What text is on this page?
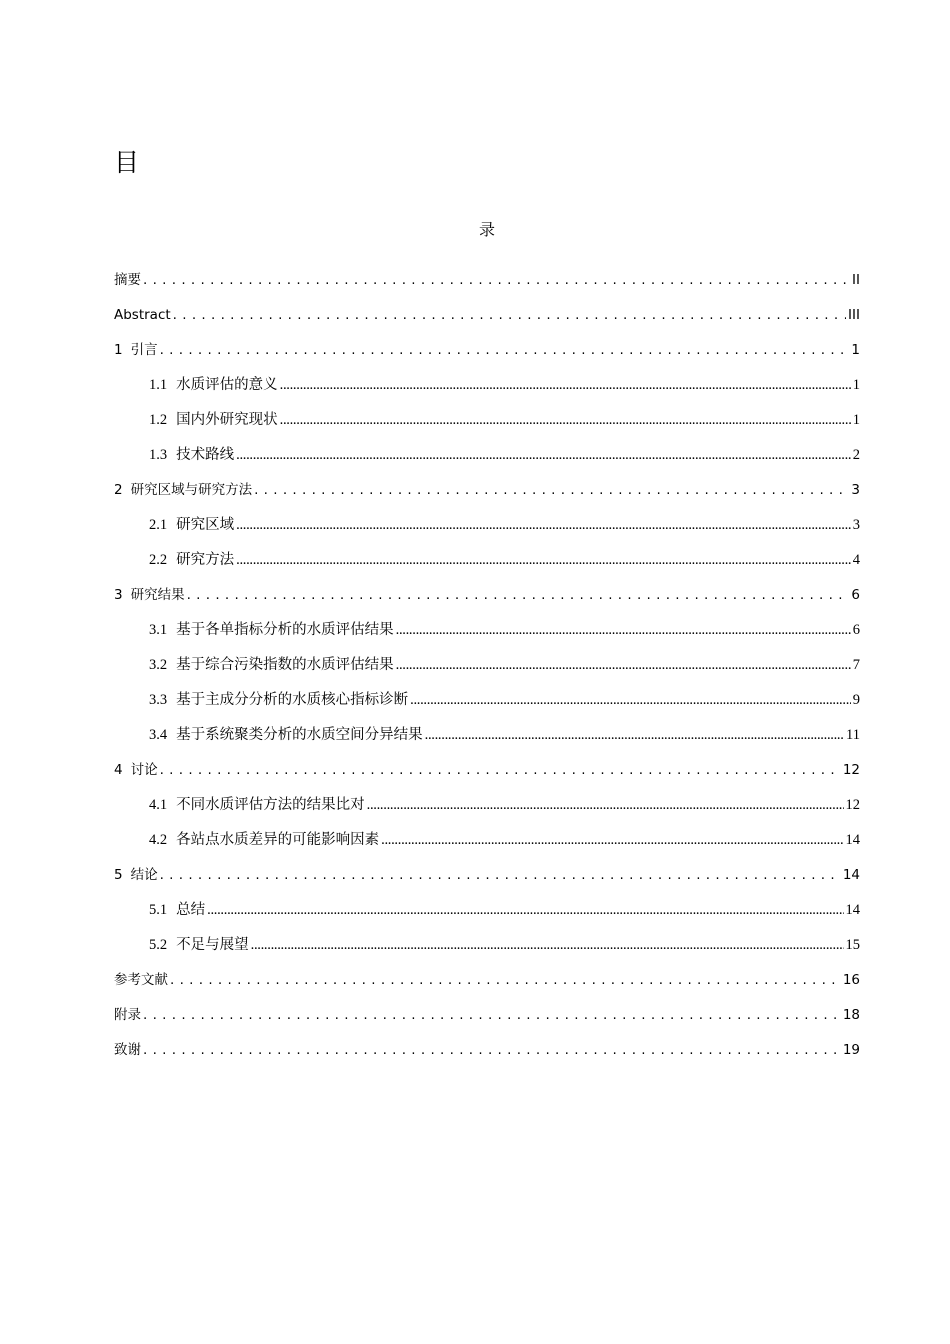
目
录
摘要 . . .	II
Abstract . . .	III
1 引言 . . .	1
1.1 水质评估的意义 .....	1
1.2 国内外研究现状 .....	1
1.3 技术路线 .....	2
2 研究区域与研究方法 . . .	3
2.1 研究区域 .....	3
2.2 研究方法 .....	4
3 研究结果 . . .	6
3.1 基于各单指标分析的水质评估结果 .....	6
3.2 基于综合污染指数的水质评估结果 .....	7
3.3 基于主成分分析的水质核心指标诊断 .....	9
3.4 基于系统聚类分析的水质空间分异结果 .....	11
4 讨论 . . .	12
4.1 不同水质评估方法的结果比对 .....	12
4.2 各站点水质差异的可能影响因素 .....	14
5 结论 . . .	14
5.1 总结 .....	14
5.2 不足与展望 .....	15
参考文献 . . .	16
附录 . . .	18
致谢 . . .	19
